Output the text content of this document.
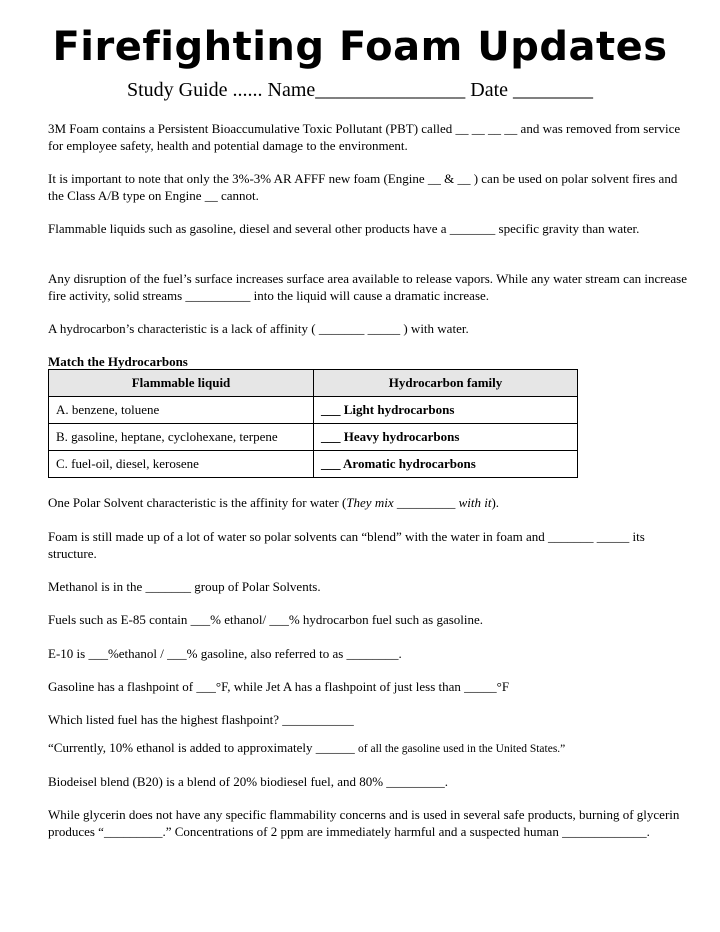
Firefighting Foam Updates
Study Guide ...... Name_______________ Date ________

3M Foam contains a Persistent Bioaccumulative Toxic Pollutant (PBT) called __ __ __ __ and was removed from service for employee safety, health and potential damage to the environment.

It is important to note that only the 3%-3% AR AFFF new foam (Engine __ & __ ) can be used on polar solvent fires and the Class A/B type on Engine __ cannot.

Flammable liquids such as gasoline, diesel and several other products have a _______ specific gravity than water.

Any disruption of the fuel’s surface increases surface area available to release vapors. While any water stream can increase fire activity, solid streams __________ into the liquid will cause a dramatic increase.

A hydrocarbon’s characteristic is a lack of affinity ( _______ _____ ) with water.

Match the Hydrocarbons

Flammable liquid	Hydrocarbon family
A. benzene, toluene	___ Light hydrocarbons
B. gasoline, heptane, cyclohexane, terpene	___ Heavy hydrocarbons
C. fuel-oil, diesel, kerosene	___ Aromatic hydrocarbons

One Polar Solvent characteristic is the affinity for water (They mix _________ with it).

Foam is still made up of a lot of water so polar solvents can “blend” with the water in foam and _______ _____ its structure.

Methanol is in the _______ group of Polar Solvents.

Fuels such as E-85 contain ___% ethanol/ ___% hydrocarbon fuel such as gasoline.

E-10 is ___%ethanol / ___% gasoline, also referred to as ________.

Gasoline has a flashpoint of ___°F, while Jet A has a flashpoint of just less than _____°F

Which listed fuel has the highest flashpoint? ___________

“Currently, 10% ethanol is added to approximately ______ of all the gasoline used in the United States.”

Biodeisel blend (B20) is a blend of 20% biodiesel fuel, and 80% _________.

While glycerin does not have any specific flammability concerns and is used in several safe products, burning of glycerin produces “_________.” Concentrations of 2 ppm are immediately harmful and a suspected human _____________.
